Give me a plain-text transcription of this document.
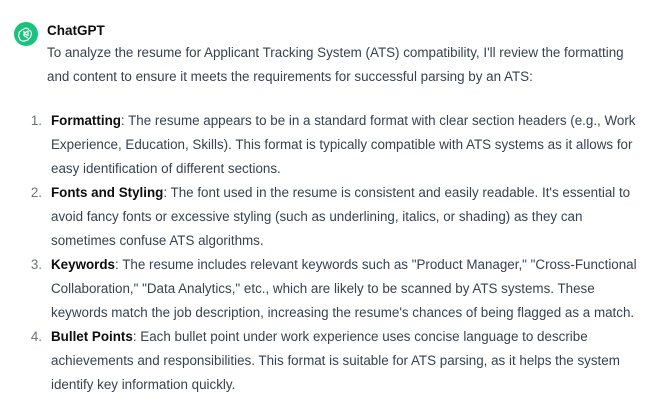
ChatGPT

To analyze the resume for Applicant Tracking System (ATS) compatibility, I'll review the formatting and content to ensure it meets the requirements for successful parsing by an ATS:

1. Formatting: The resume appears to be in a standard format with clear section headers (e.g., Work Experience, Education, Skills). This format is typically compatible with ATS systems as it allows for easy identification of different sections.
2. Fonts and Styling: The font used in the resume is consistent and easily readable. It's essential to avoid fancy fonts or excessive styling (such as underlining, italics, or shading) as they can sometimes confuse ATS algorithms.
3. Keywords: The resume includes relevant keywords such as "Product Manager," "Cross-Functional Collaboration," "Data Analytics," etc., which are likely to be scanned by ATS systems. These keywords match the job description, increasing the resume's chances of being flagged as a match.
4. Bullet Points: Each bullet point under work experience uses concise language to describe achievements and responsibilities. This format is suitable for ATS parsing, as it helps the system identify key information quickly.
